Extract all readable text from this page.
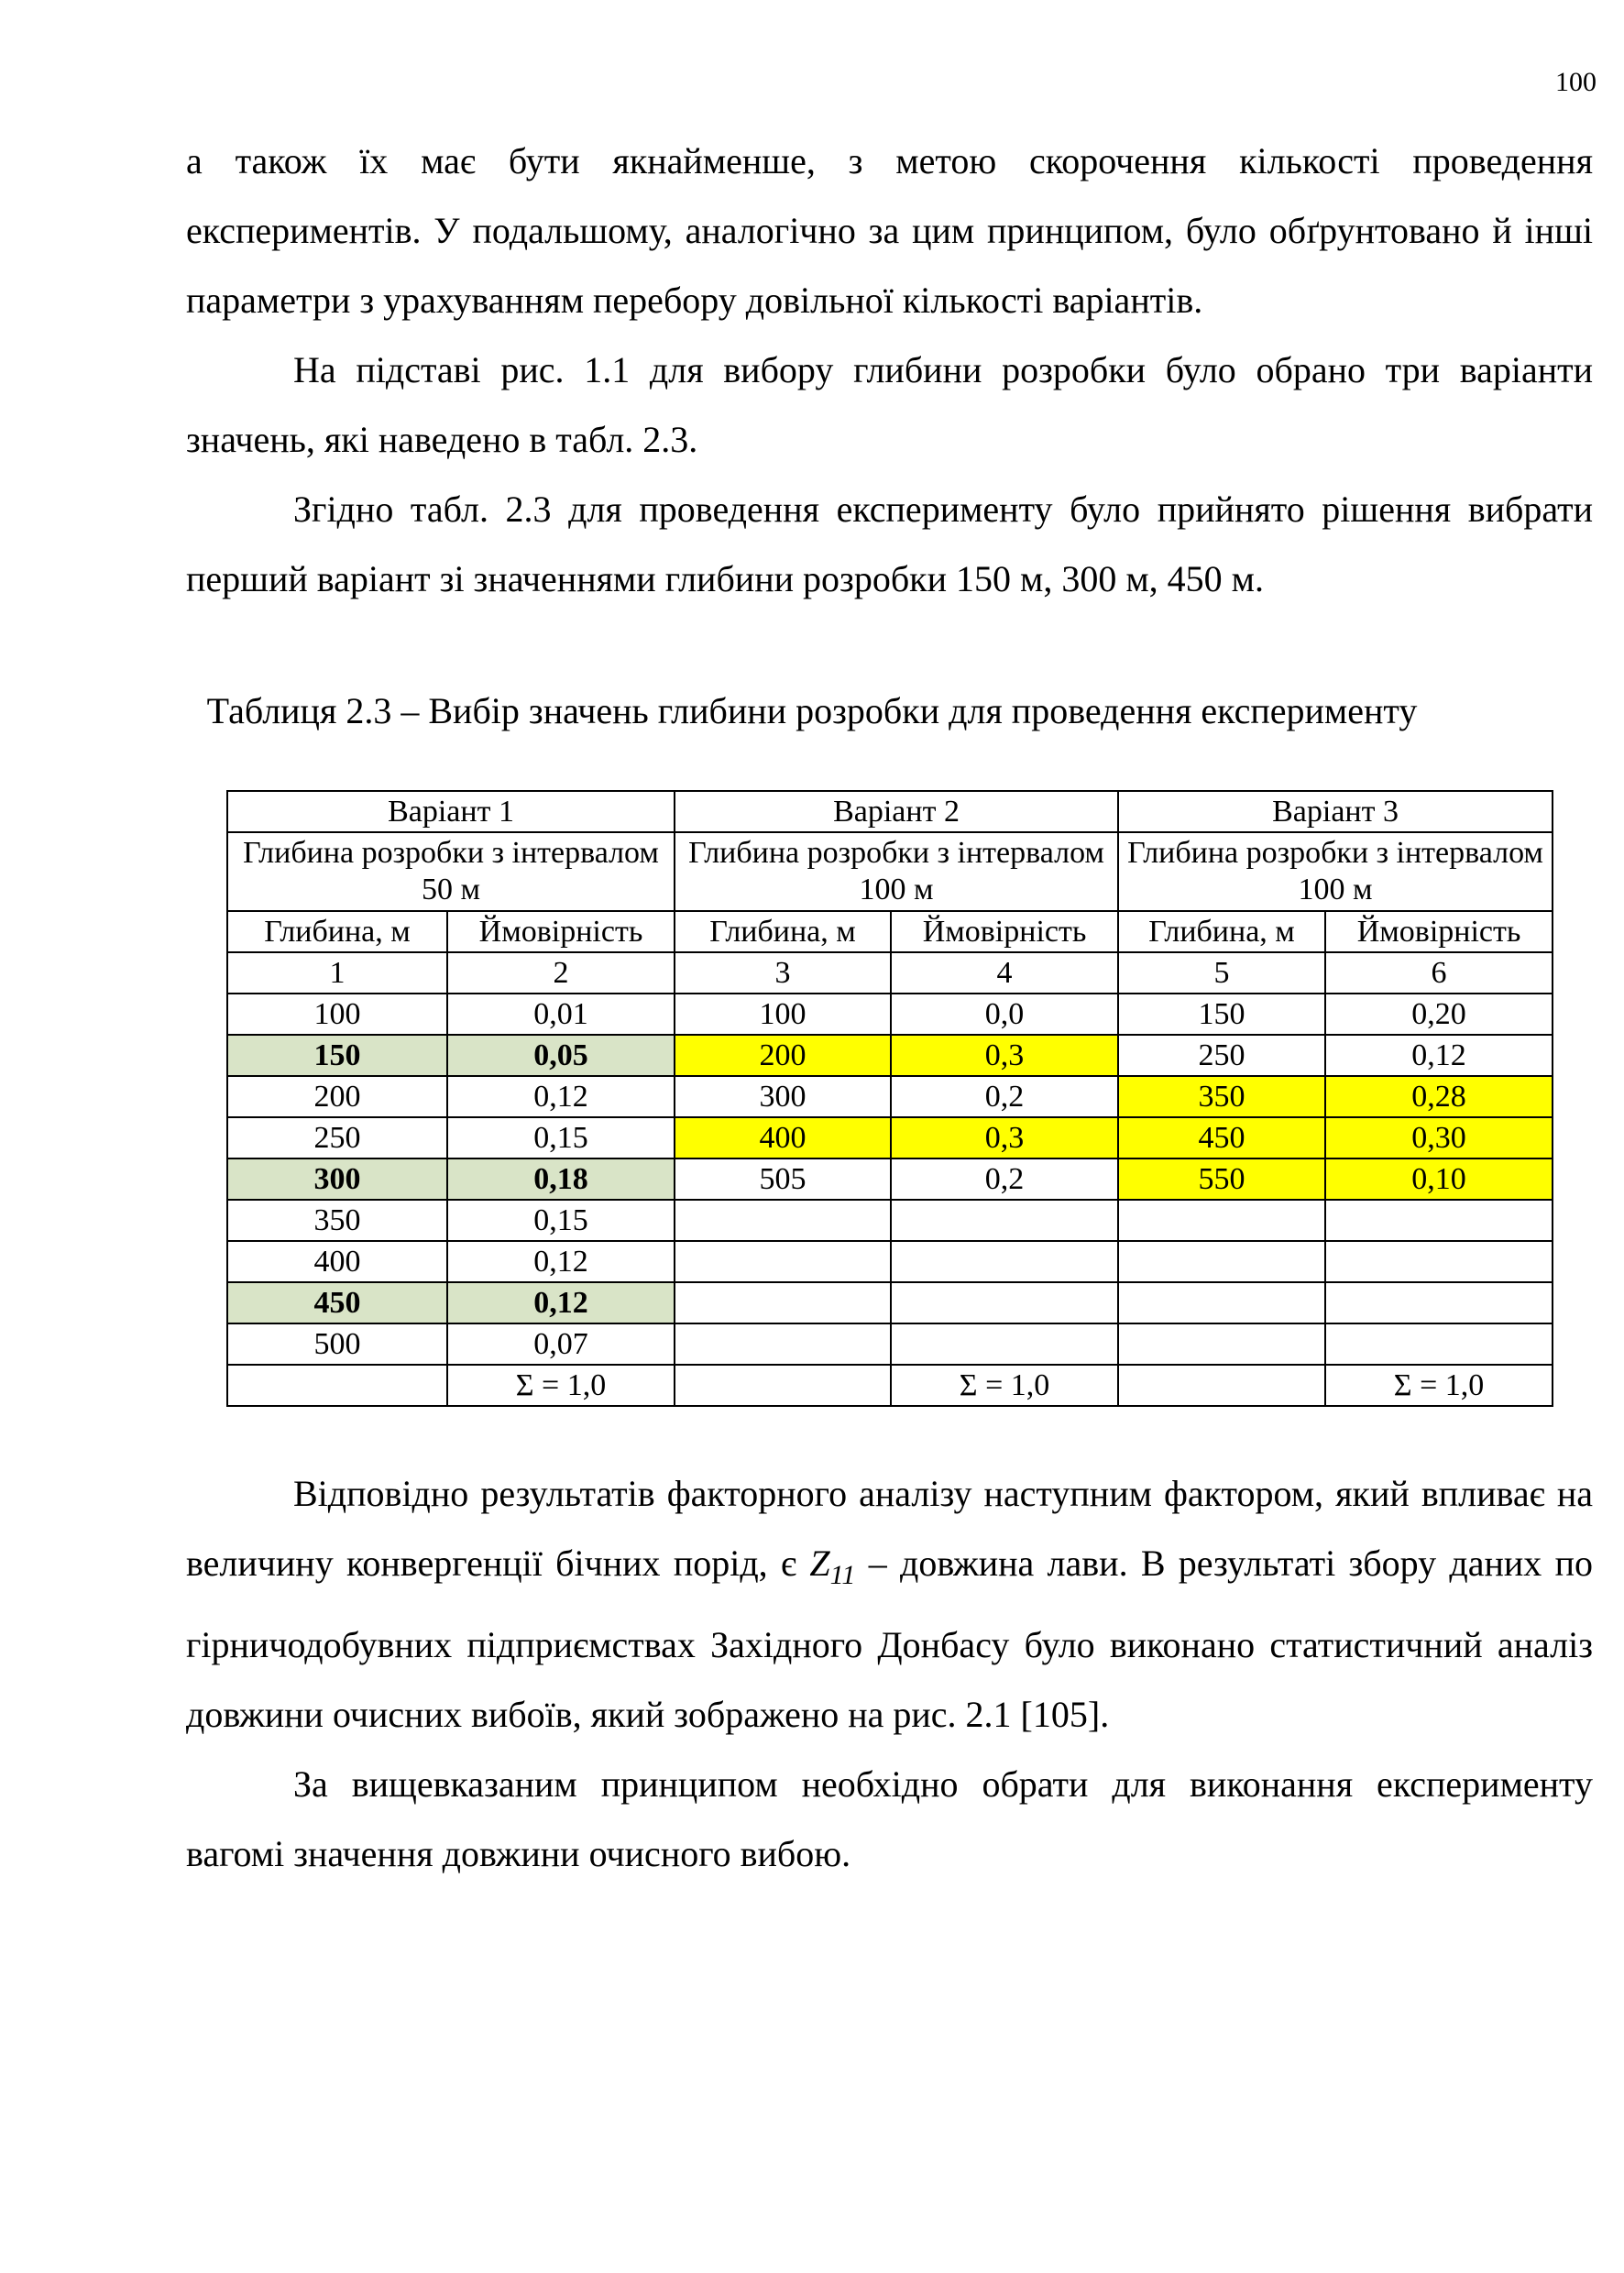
100

а також їх має бути якнайменше, з метою скорочення кількості проведення експериментів. У подальшому, аналогічно за цим принципом, було обґрунтовано й інші параметри з урахуванням перебору довільної кількості варіантів.

На підставі рис. 1.1 для вибору глибини розробки було обрано три варіанти значень, які наведено в табл. 2.3.

Згідно табл. 2.3 для проведення експерименту було прийнято рішення вибрати перший варіант зі значеннями глибини розробки 150 м, 300 м, 450 м.

Таблиця 2.3 – Вибір значень глибини розробки для проведення експерименту
Варіант 1		Варіант 2		Варіант 3	
Глибина розробки з інтервалом 50 м		Глибина розробки з інтервалом 100 м		Глибина розробки з інтервалом 100 м	
Глибина, м	Ймовірність	Глибина, м	Ймовірність	Глибина, м	Ймовірність
1	2	3	4	5	6
100	0,01	100	0,0	150	0,20
150	0,05	200	0,3	250	0,12
200	0,12	300	0,2	350	0,28
250	0,15	400	0,3	450	0,30
300	0,18	505	0,2	550	0,10
350	0,15				
400	0,12				
450	0,12				
500	0,07				
	Σ = 1,0		Σ = 1,0		Σ = 1,0

Відповідно результатів факторного аналізу наступним фактором, який впливає на величину конвергенції бічних порід, є $Z_{11}$ – довжина лави. В результаті збору даних по гірничодобувних підприємствах Західного Донбасу було виконано статистичний аналіз довжини очисних вибоїв, який зображено на рис. 2.1 [105].

За вищевказаним принципом необхідно обрати для виконання експерименту вагомі значення довжини очисного вибою.
